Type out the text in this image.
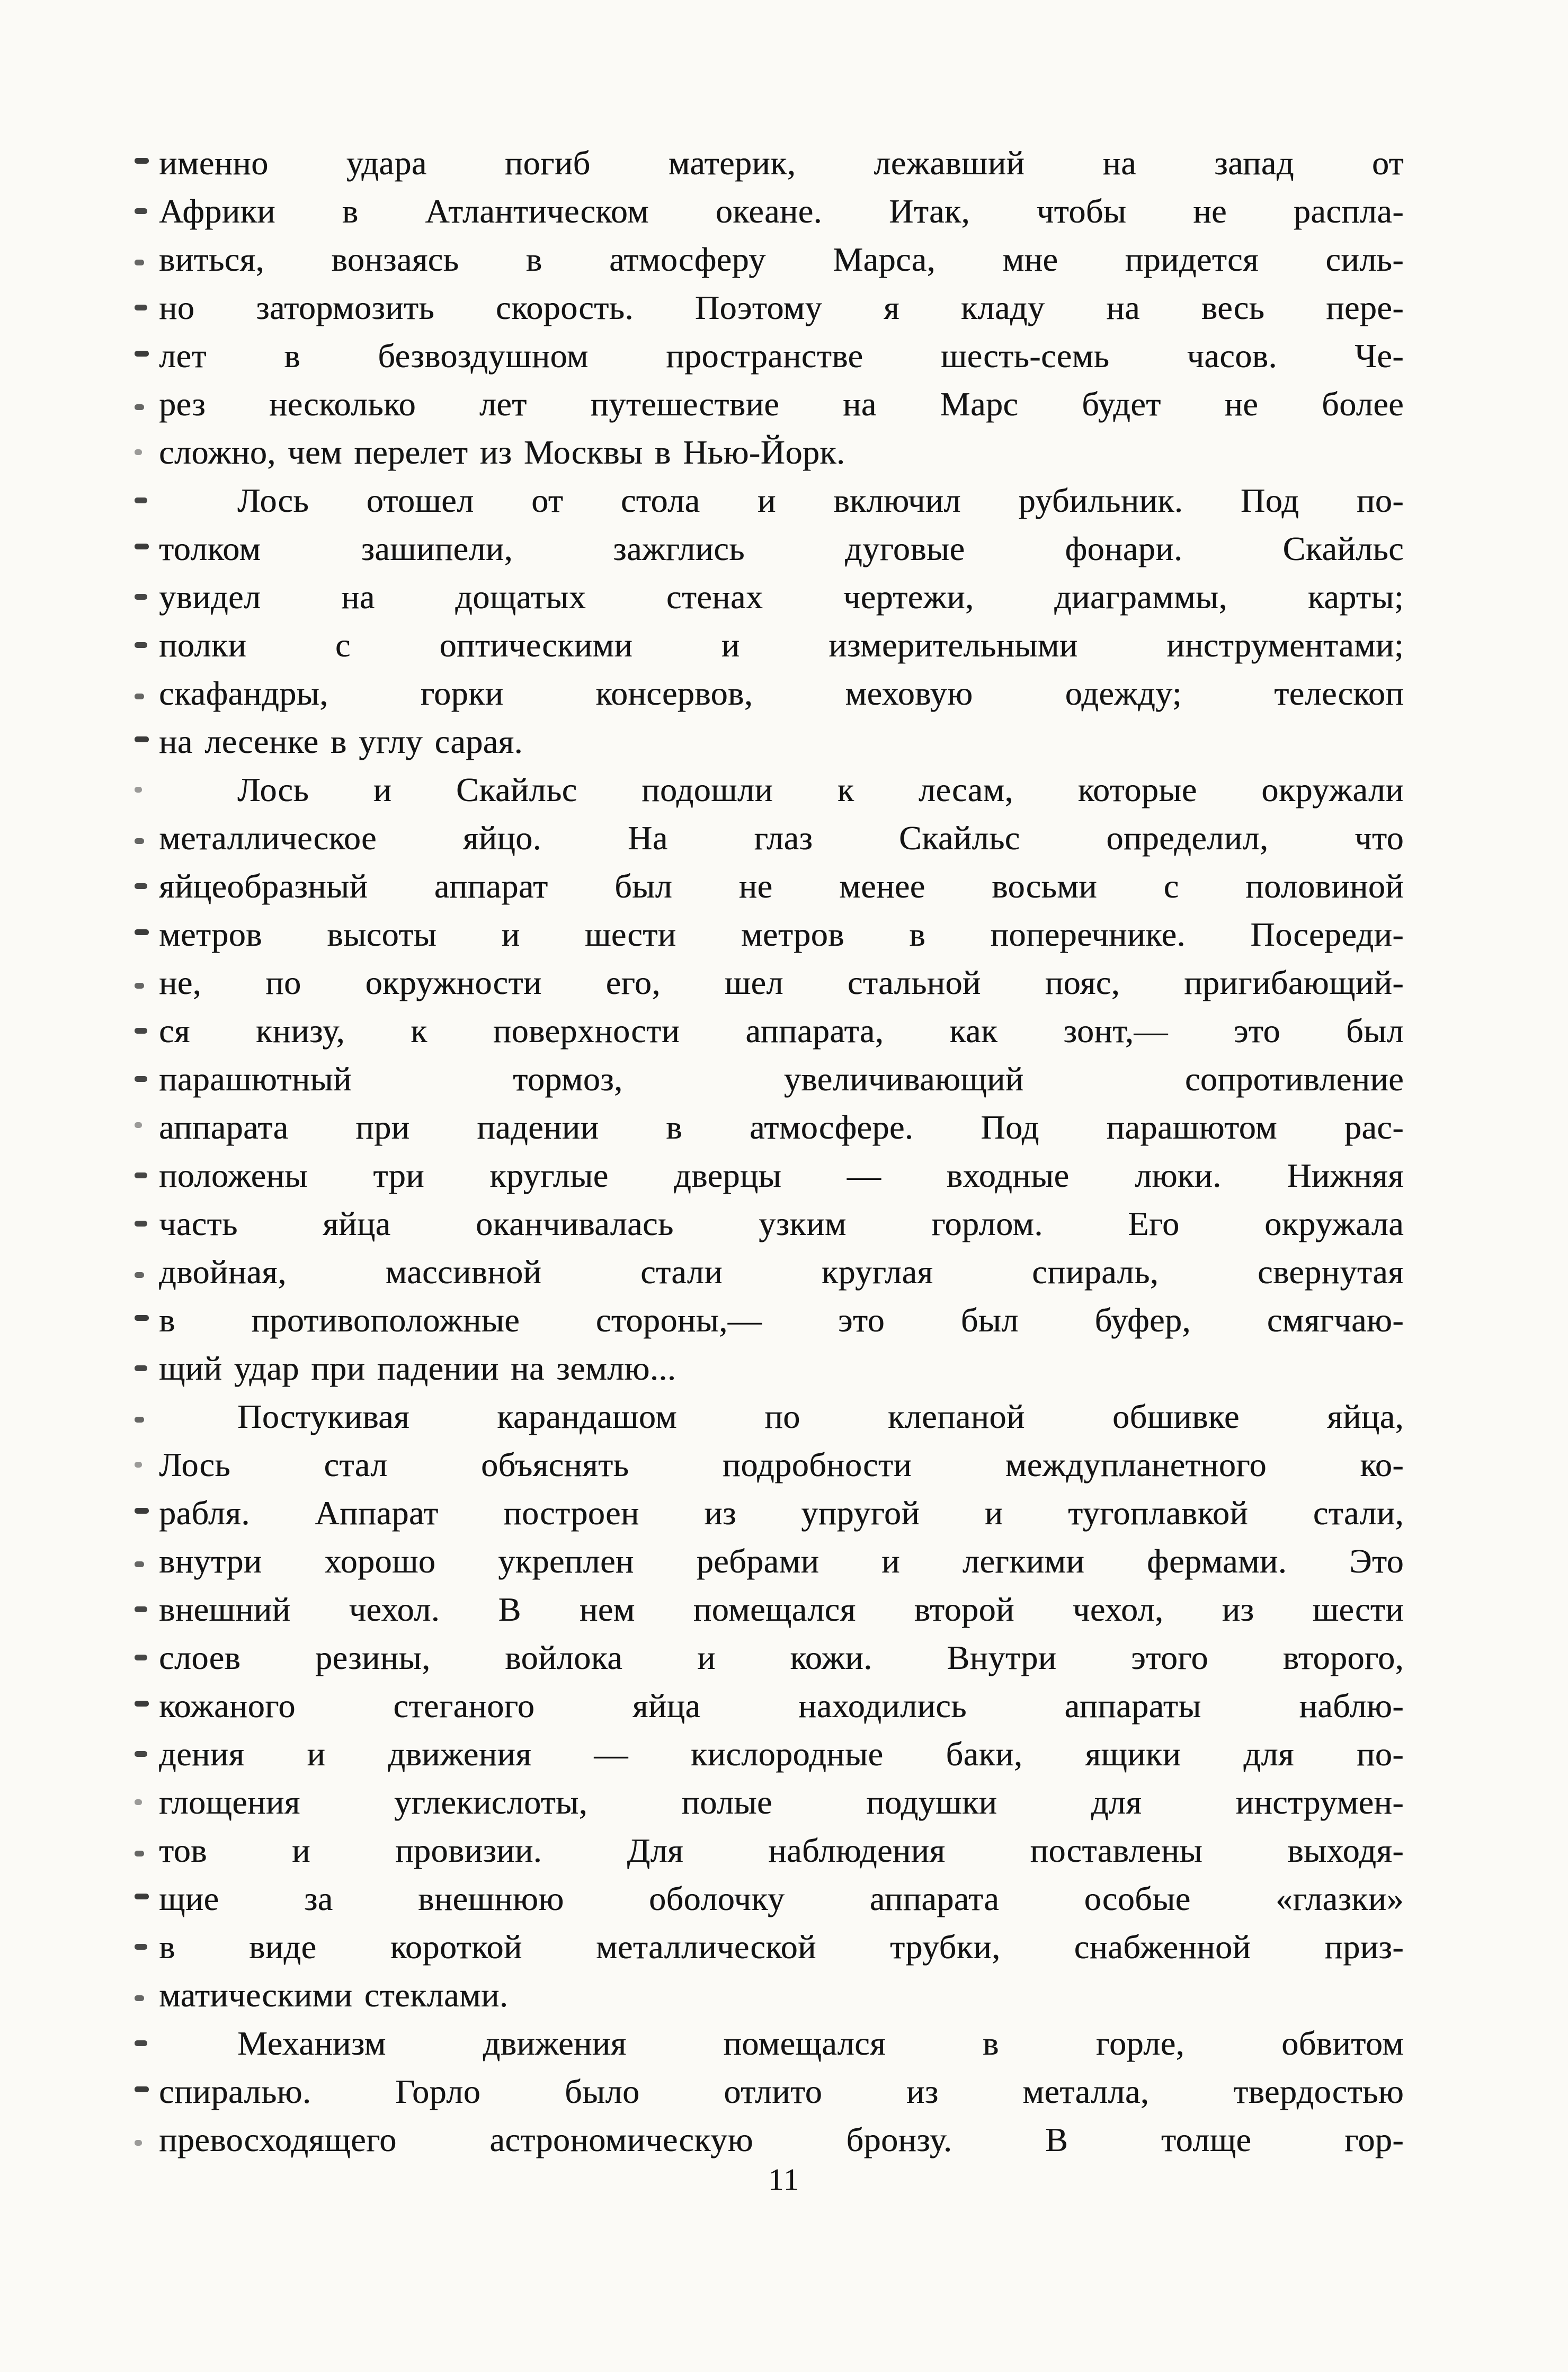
именно удара погиб материк, лежавший на запад от
Африки в Атлантическом океане. Итак, чтобы не распла-
виться, вонзаясь в атмосферу Марса, мне придется силь-
но затормозить скорость. Поэтому я кладу на весь пере-
лет в безвоздушном пространстве шесть-семь часов. Че-
рез несколько лет путешествие на Марс будет не более
сложно, чем перелет из Москвы в Нью-Йорк.
Лось отошел от стола и включил рубильник. Под по-
толком зашипели, зажглись дуговые фонари. Скайльс
увидел на дощатых стенах чертежи, диаграммы, карты;
полки с оптическими и измерительными инструментами;
скафандры, горки консервов, меховую одежду; телескоп
на лесенке в углу сарая.
Лось и Скайльс подошли к лесам, которые окружали
металлическое яйцо. На глаз Скайльс определил, что
яйцеобразный аппарат был не менее восьми с половиной
метров высоты и шести метров в поперечнике. Посереди-
не, по окружности его, шел стальной пояс, пригибающий-
ся книзу, к поверхности аппарата, как зонт,— это был
парашютный тормоз, увеличивающий сопротивление
аппарата при падении в атмосфере. Под парашютом рас-
положены три круглые дверцы — входные люки. Нижняя
часть яйца оканчивалась узким горлом. Его окружала
двойная, массивной стали круглая спираль, свернутая
в противоположные стороны,— это был буфер, смягчаю-
щий удар при падении на землю...
Постукивая карандашом по клепаной обшивке яйца,
Лось стал объяснять подробности междупланетного ко-
рабля. Аппарат построен из упругой и тугоплавкой стали,
внутри хорошо укреплен ребрами и легкими фермами. Это
внешний чехол. В нем помещался второй чехол, из шести
слоев резины, войлока и кожи. Внутри этого второго,
кожаного стеганого яйца находились аппараты наблю-
дения и движения — кислородные баки, ящики для по-
глощения углекислоты, полые подушки для инструмен-
тов и провизии. Для наблюдения поставлены выходя-
щие за внешнюю оболочку аппарата особые «глазки»
в виде короткой металлической трубки, снабженной приз-
матическими стеклами.
Механизм движения помещался в горле, обвитом
спиралью. Горло было отлито из металла, твердостью
превосходящего астрономическую бронзу. В толще гор-
11
